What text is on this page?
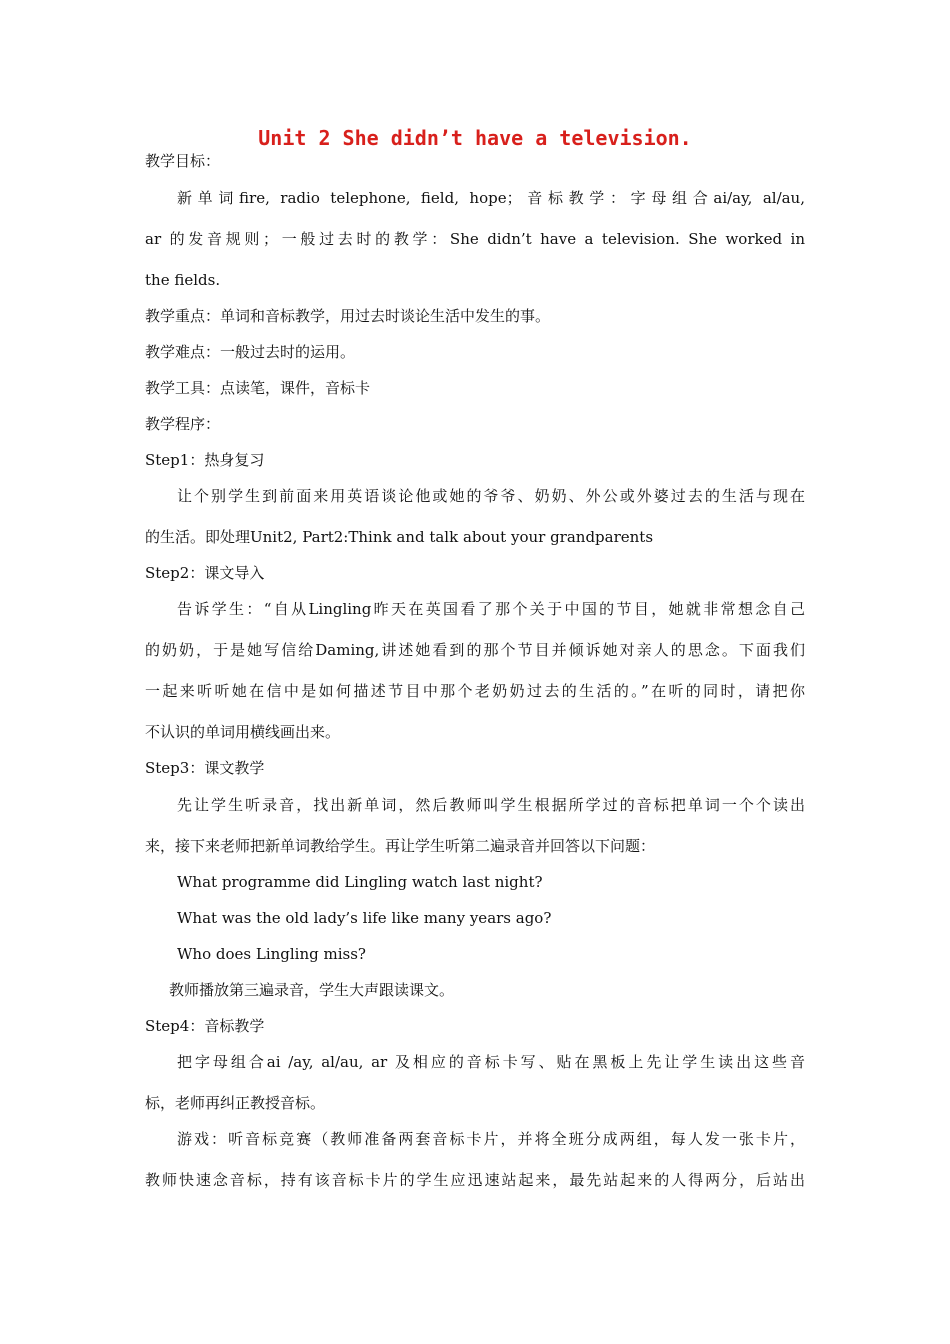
Unit 2 She didn’t have a television.
教学目标：
新单词fire, radio telephone, field, hope；音标教学：字母组合ai/ay, al/au,
ar 的发音规则；一般过去时的教学：She didn’t have a television. She worked in
the fields.
教学重点：单词和音标教学，用过去时谈论生活中发生的事。
教学难点：一般过去时的运用。
教学工具：点读笔，课件，音标卡
教学程序：
Step1：热身复习
让个别学生到前面来用英语谈论他或她的爷爷、奶奶、外公或外婆过去的生活与现在
的生活。即处理Unit2, Part2:Think and talk about your grandparents
Step2：课文导入
告诉学生：“自从Lingling昨天在英国看了那个关于中国的节目，她就非常想念自己
的奶奶，于是她写信给Daming,讲述她看到的那个节目并倾诉她对亲人的思念。下面我们
一起来听听她在信中是如何描述节目中那个老奶奶过去的生活的。”在听的同时，请把你
不认识的单词用横线画出来。
Step3：课文教学
先让学生听录音，找出新单词，然后教师叫学生根据所学过的音标把单词一个个读出
来，接下来老师把新单词教给学生。再让学生听第二遍录音并回答以下问题：
What programme did Lingling watch last night?
What was the old lady’s life like many years ago?
Who does Lingling miss?
教师播放第三遍录音，学生大声跟读课文。
Step4：音标教学
把字母组合ai /ay, al/au, ar 及相应的音标卡写、贴在黑板上先让学生读出这些音
标，老师再纠正教授音标。
游戏：听音标竞赛（教师准备两套音标卡片，并将全班分成两组，每人发一张卡片，
教师快速念音标，持有该音标卡片的学生应迅速站起来，最先站起来的人得两分，后站出
